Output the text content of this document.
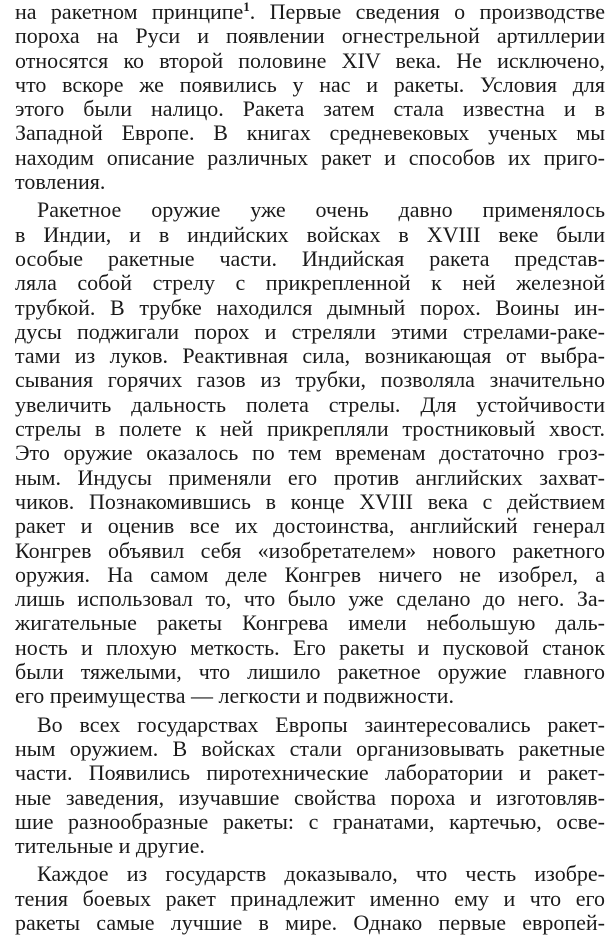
на ракетном принципе$^1$. Первые сведения о производстве
пороха на Руси и появлении огнестрельной артиллерии
относятся ко второй половине XIV века. Не исключено,
что вскоре же появились у нас и ракеты. Условия для
этого были налицо. Ракета затем стала известна и в
Западной Европе. В книгах средневековых ученых мы
находим описание различных ракет и способов их приго-
товления.
Ракетное оружие уже очень давно применялось
в Индии, и в индийских войсках в XVIII веке были
особые ракетные части. Индийская ракета представ-
ляла собой стрелу с прикрепленной к ней железной
трубкой. В трубке находился дымный порох. Воины ин-
дусы поджигали порох и стреляли этими стрелами-раке-
тами из луков. Реактивная сила, возникающая от выбра-
сывания горячих газов из трубки, позволяла значительно
увеличить дальность полета стрелы. Для устойчивости
стрелы в полете к ней прикрепляли тростниковый хвост.
Это оружие оказалось по тем временам достаточно гроз-
ным. Индусы применяли его против английских захват-
чиков. Познакомившись в конце XVIII века с действием
ракет и оценив все их достоинства, английский генерал
Конгрев объявил себя «изобретателем» нового ракетного
оружия. На самом деле Конгрев ничего не изобрел, а
лишь использовал то, что было уже сделано до него. За-
жигательные ракеты Конгрева имели небольшую даль-
ность и плохую меткость. Его ракеты и пусковой станок
были тяжелыми, что лишило ракетное оружие главного
его преимущества — легкости и подвижности.
Во всех государствах Европы заинтересовались ракет-
ным оружием. В войсках стали организовывать ракетные
части. Появились пиротехнические лаборатории и ракет-
ные заведения, изучавшие свойства пороха и изготовляв-
шие разнообразные ракеты: с гранатами, картечью, осве-
тительные и другие.
Каждое из государств доказывало, что честь изобре-
тения боевых ракет принадлежит именно ему и что его
ракеты самые лучшие в мире. Однако первые европей-
